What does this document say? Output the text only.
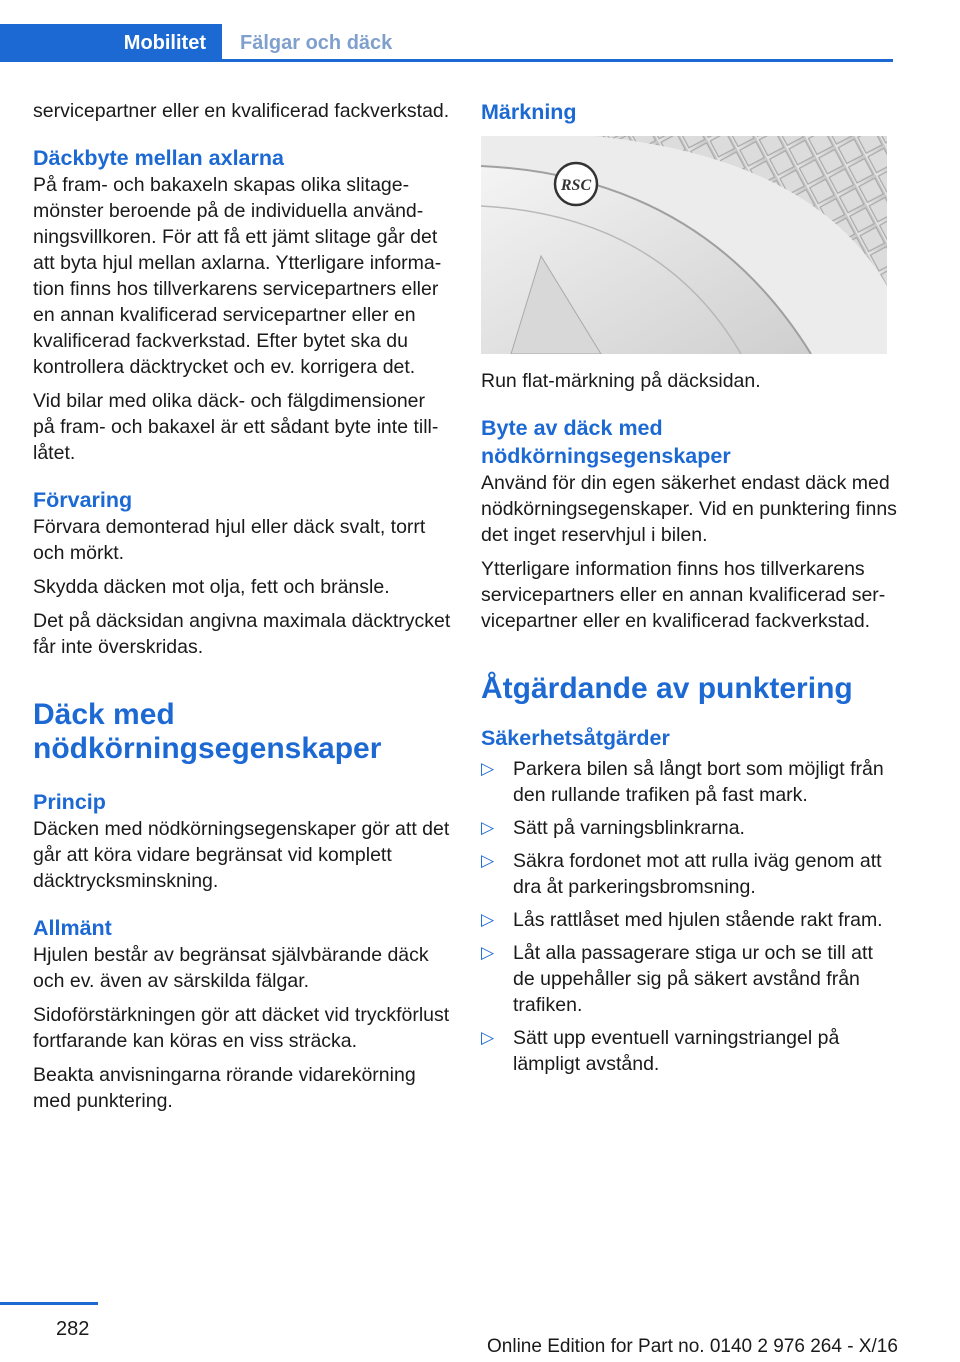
Mobilitet	Fälgar och däck

servicepartner eller en kvalificerad fackverkstad.

Däckbyte mellan axlarna

På fram- och bakaxeln skapas olika slitagemönster beroende på de individuella användningsvillkoren. För att få ett jämt slitage går det att byta hjul mellan axlarna. Ytterligare information finns hos tillverkarens servicepartners eller en annan kvalificerad servicepartner eller en kvalificerad fackverkstad. Efter bytet ska du kontrollera däcktrycket och ev. korrigera det.

Vid bilar med olika däck- och fälgdimensioner på fram- och bakaxel är ett sådant byte inte tilllåtet.

Förvaring

Förvara demonterad hjul eller däck svalt, torrt och mörkt.

Skydda däcken mot olja, fett och bränsle.

Det på däcksidan angivna maximala däcktrycket får inte överskridas.

Däck med nödkörningsegenskaper
Princip

Däcken med nödkörningsegenskaper gör att det går att köra vidare begränsat vid komplett däcktrycksminskning.

Allmänt

Hjulen består av begränsat självbärande däck och ev. även av särskilda fälgar.

Sidoförstärkningen gör att däcket vid tryckförlust fortfarande kan köras en viss sträcka.

Beakta anvisningarna rörande vidarekörning med punktering.

Märkning
RSC

Run flat-märkning på däcksidan.

Byte av däck med nödkörningsegenskaper

Använd för din egen säkerhet endast däck med nödkörningsegenskaper. Vid en punktering finns det inget reservhjul i bilen.

Ytterligare information finns hos tillverkarens servicepartners eller en annan kvalificerad servicepartner eller en kvalificerad fackverkstad.

Åtgärdande av punktering
Säkerhetsåtgärder
▷ Parkera bilen så långt bort som möjligt från den rullande trafiken på fast mark.
▷ Sätt på varningsblinkrarna.
▷ Säkra fordonet mot att rulla iväg genom att dra åt parkeringsbromsning.
▷ Lås rattlåset med hjulen stående rakt fram.
▷ Låt alla passagerare stiga ur och se till att de uppehåller sig på säkert avstånd från trafiken.
▷ Sätt upp eventuell varningstriangel på lämpligt avstånd.
282
Online Edition for Part no. 0140 2 976 264 - X/16
